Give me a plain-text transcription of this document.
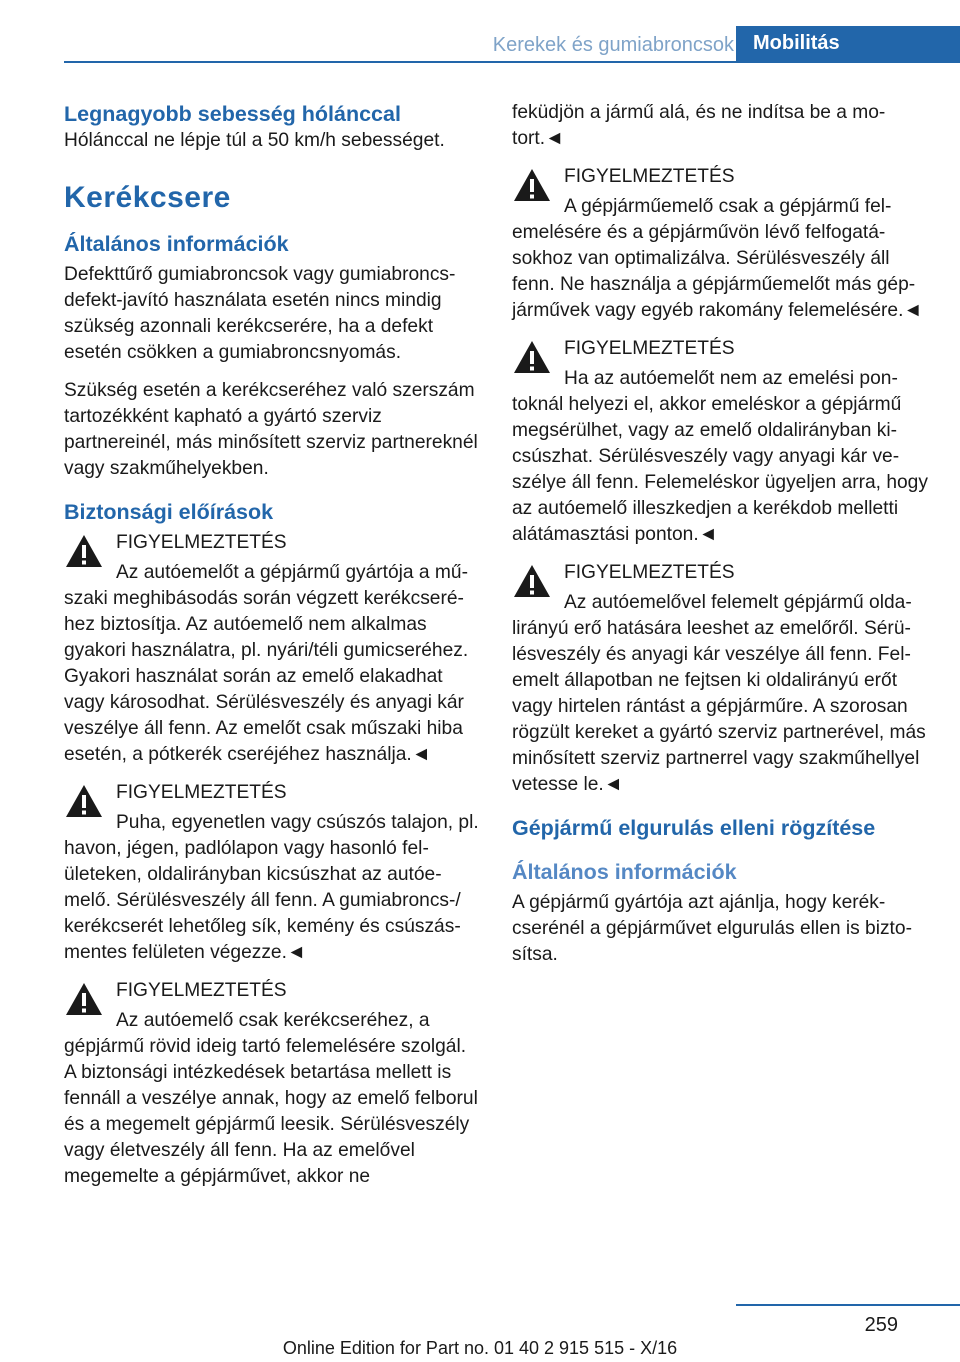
Kerekek és gumiabroncsok Mobilitás
Legnagyobb sebesség hólánccal

Hólánccal ne lépje túl a 50 km/h sebességet.

Kerékcsere
Általános információk

Defekttűrő gumiabroncsok vagy gumiabroncsdefekt-javító használata esetén nincs mindig szükség azonnali kerékcserére, ha a defekt esetén csökken a gumiabroncsnyomás.

Szükség esetén a kerékcseréhez való szerszám tartozékként kapható a gyártó szerviz partnereinél, más minősített szerviz partnereknél vagy szakműhelyekben.

Biztonsági előírások
FIGYELMEZTETÉS
Az autóemelőt a gépjármű gyártója a műszaki meghibásodás során végzett kerékcseréhez biztosítja. Az autóemelő nem alkalmas gyakori használatra, pl. nyári/téli gumicseréhez. Gyakori használat során az emelő elakadhat vagy károsodhat. Sérülésveszély és anyagi kár veszélye áll fenn. Az emelőt csak műszaki hiba esetén, a pótkerék cseréjéhez használja.◄
FIGYELMEZTETÉS
Puha, egyenetlen vagy csúszós talajon, pl. havon, jégen, padlólapon vagy hasonló felületeken, oldalirányban kicsúszhat az autóemelő. Sérülésveszély áll fenn. A gumiabroncs-/ kerékcserét lehetőleg sík, kemény és csúszásmentes felületen végezze.◄
FIGYELMEZTETÉS
Az autóemelő csak kerékcseréhez, a gépjármű rövid ideig tartó felemelésére szolgál. A biztonsági intézkedések betartása mellett is fennáll a veszélye annak, hogy az emelő felborul és a megemelt gépjármű leesik. Sérülésveszély vagy életveszély áll fenn. Ha az emelővel megemelte a gépjárművet, akkor ne

feküdjön a jármű alá, és ne indítsa be a motort.◄

FIGYELMEZTETÉS
A gépjárműemelő csak a gépjármű felemelésére és a gépjárművön lévő felfogatásokhoz van optimalizálva. Sérülésveszély áll fenn. Ne használja a gépjárműemelőt más gépjárművek vagy egyéb rakomány felemelésére.◄
FIGYELMEZTETÉS
Ha az autóemelőt nem az emelési pontoknál helyezi el, akkor emeléskor a gépjármű megsérülhet, vagy az emelő oldalirányban kicsúszhat. Sérülésveszély vagy anyagi kár veszélye áll fenn. Felemeléskor ügyeljen arra, hogy az autóemelő illeszkedjen a kerékdob melletti alátámasztási ponton.◄
FIGYELMEZTETÉS
Az autóemelővel felemelt gépjármű oldalirányú erő hatására leeshet az emelőről. Sérülésveszély és anyagi kár veszélye áll fenn. Felemelt állapotban ne fejtsen ki oldalirányú erőt vagy hirtelen rántást a gépjárműre. A szorosan rögzült kereket a gyártó szerviz partnerével, más minősített szerviz partnerrel vagy szakműhellyel vetesse le.◄
Gépjármű elgurulás elleni rögzítése
Általános információk

A gépjármű gyártója azt ajánlja, hogy kerékcserénél a gépjárművet elgurulás ellen is biztosítsa.

259
Online Edition for Part no. 01 40 2 915 515 - X/16
